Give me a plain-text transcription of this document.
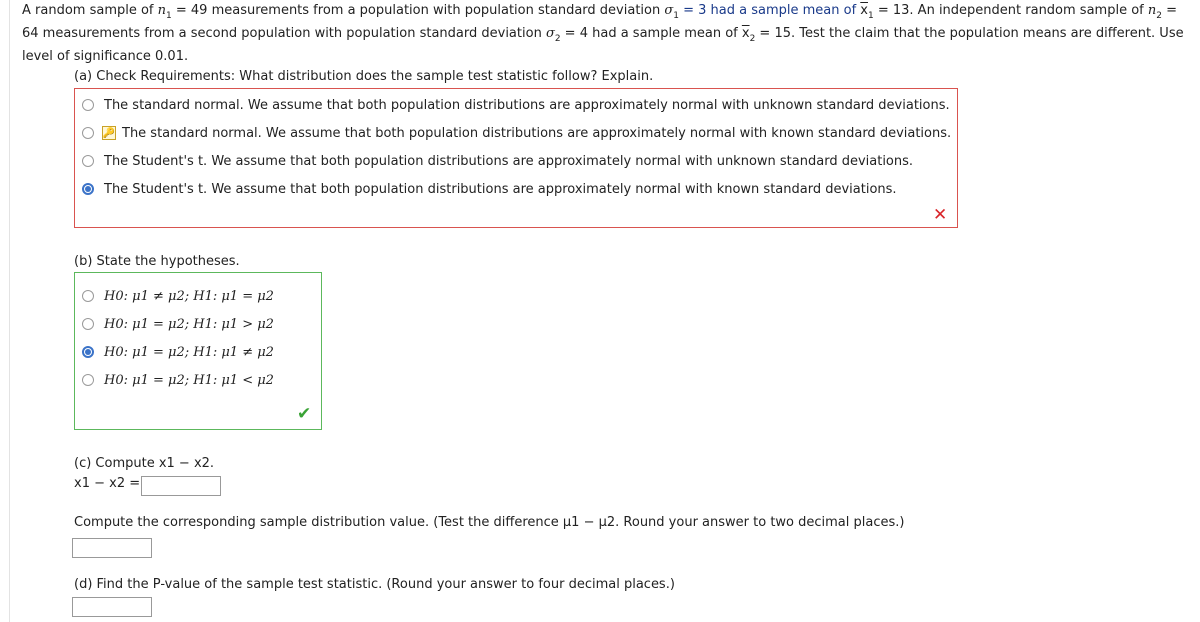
A random sample of $n_1 = 49$ measurements from a population with population standard deviation $\sigma_1 = 3$ had a sample mean of $\overline{x}_1 = 13$. An independent random sample of $n_2 = 64$ measurements from a second population with population standard deviation $\sigma_2 = 4$ had a sample mean of $\overline{x}_2 = 15$. Test the claim that the population means are different. Use level of significance 0.01.
(a) Check Requirements: What distribution does the sample test statistic follow? Explain.
The standard normal. We assume that both population distributions are approximately normal with unknown standard deviations.
🔑 The standard normal. We assume that both population distributions are approximately normal with known standard deviations.
The Student's t. We assume that both population distributions are approximately normal with unknown standard deviations.
The Student's t. We assume that both population distributions are approximately normal with known standard deviations.
✕
(b) State the hypotheses.
H0: μ1 ≠ μ2; H1: μ1 = μ2
H0: μ1 = μ2; H1: μ1 > μ2
H0: μ1 = μ2; H1: μ1 ≠ μ2
H0: μ1 = μ2; H1: μ1 < μ2
✔
(c) Compute x1 − x2.
x1 − x2 =
Compute the corresponding sample distribution value. (Test the difference μ1 − μ2. Round your answer to two decimal places.)
(d) Find the P-value of the sample test statistic. (Round your answer to four decimal places.)
